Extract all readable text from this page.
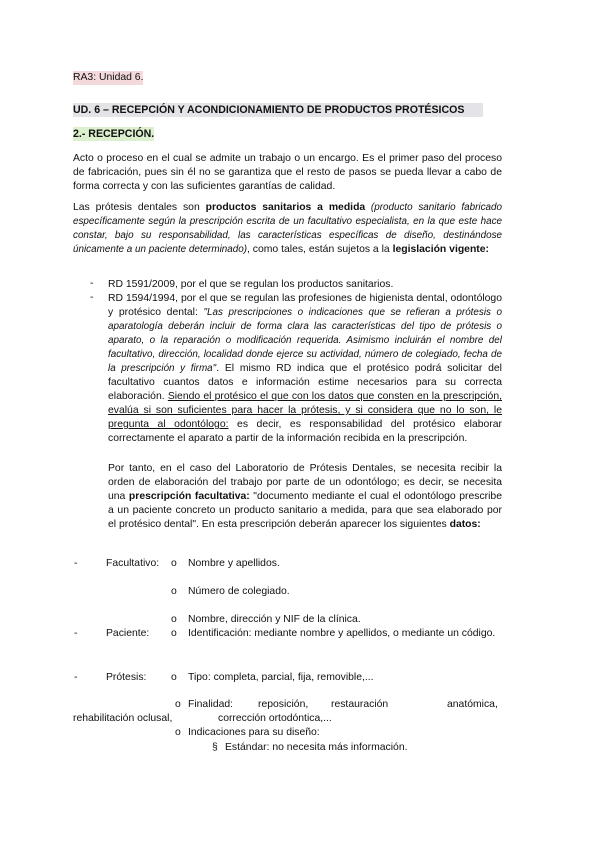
RA3: Unidad 6.
UD. 6 – RECEPCIÓN Y ACONDICIONAMIENTO DE PRODUCTOS PROTÉSICOS
2.- RECEPCIÓN.

Acto o proceso en el cual se admite un trabajo o un encargo. Es el primer paso del proceso de fabricación, pues sin él no se garantiza que el resto de pasos se pueda llevar a cabo de forma correcta y con las suficientes garantías de calidad.

Las prótesis dentales son productos sanitarios a medida (producto sanitario fabricado específicamente según la prescripción escrita de un facultativo especialista, en la que este hace constar, bajo su responsabilidad, las características específicas de diseño, destinándose únicamente a un paciente determinado), como tales, están sujetos a la legislación vigente:

- RD 1591/2009, por el que se regulan los productos sanitarios.

- RD 1594/1994, por el que se regulan las profesiones de higienista dental, odontólogo y protésico dental: "Las prescripciones o indicaciones que se refieran a prótesis o aparatología deberán incluir de forma clara las características del tipo de prótesis o aparato, o la reparación o modificación requerida. Asimismo incluirán el nombre del facultativo, dirección, localidad donde ejerce su actividad, número de colegiado, fecha de la prescripción y firma". El mismo RD indica que el protésico podrá solicitar del facultativo cuantos datos e información estime necesarios para su correcta elaboración. Siendo el protésico el que con los datos que consten en la prescripción, evalúa si son suficientes para hacer la prótesis, y si considera que no lo son, le pregunta al odontólogo: es decir, es responsabilidad del protésico elaborar correctamente el aparato a partir de la información recibida en la prescripción.

Por tanto, en el caso del Laboratorio de Prótesis Dentales, se necesita recibir la orden de elaboración del trabajo por parte de un odontólogo; es decir, se necesita una prescripción facultativa: "documento mediante el cual el odontólogo prescribe a un paciente concreto un producto sanitario a medida, para que sea elaborado por el protésico dental". En esta prescripción deberán aparecer los siguientes datos:

-	Facultativo: o Nombre y apellidos.
o Número de colegiado.
o Nombre, dirección y NIF de la clínica.
-	Paciente: o Identificación: mediante nombre y apellidos, o mediante un código.
-	Prótesis: o Tipo: completa, parcial, fija, removible,...
o Finalidad: reposición, restauración	anatómica,
rehabilitación oclusal,	corrección ortodóntica,...
o Indicaciones para su diseño:
§ Estándar: no necesita más información.
